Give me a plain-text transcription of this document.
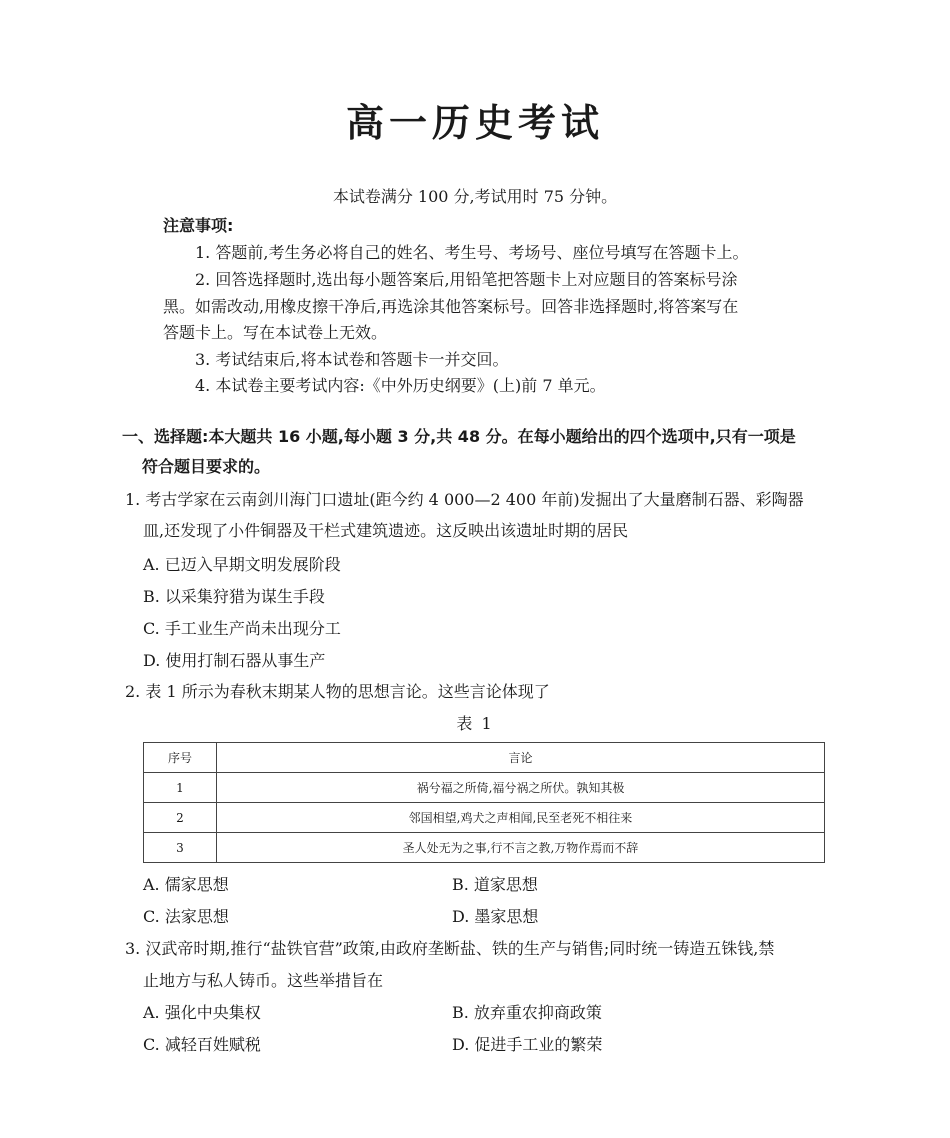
高一历史考试
本试卷满分 100 分,考试用时 75 分钟。
注意事项:
1. 答题前,考生务必将自己的姓名、考生号、考场号、座位号填写在答题卡上。
2. 回答选择题时,选出每小题答案后,用铅笔把答题卡上对应题目的答案标号涂
黑。如需改动,用橡皮擦干净后,再选涂其他答案标号。回答非选择题时,将答案写在
答题卡上。写在本试卷上无效。
3. 考试结束后,将本试卷和答题卡一并交回。
4. 本试卷主要考试内容:《中外历史纲要》(上)前 7 单元。
一、选择题:本大题共 16 小题,每小题 3 分,共 48 分。在每小题给出的四个选项中,只有一项是
符合题目要求的。
1. 考古学家在云南剑川海门口遗址(距今约 4 000—2 400 年前)发掘出了大量磨制石器、彩陶器
皿,还发现了小件铜器及干栏式建筑遗迹。这反映出该遗址时期的居民
A. 已迈入早期文明发展阶段
B. 以采集狩猎为谋生手段
C. 手工业生产尚未出现分工
D. 使用打制石器从事生产
2. 表 1 所示为春秋末期某人物的思想言论。这些言论体现了
表 1
序号	言论
1	祸兮福之所倚,福兮祸之所伏。孰知其极
2	邻国相望,鸡犬之声相闻,民至老死不相往来
3	圣人处无为之事,行不言之教,万物作焉而不辞
A. 儒家思想	B. 道家思想
C. 法家思想	D. 墨家思想
3. 汉武帝时期,推行“盐铁官营”政策,由政府垄断盐、铁的生产与销售;同时统一铸造五铢钱,禁
止地方与私人铸币。这些举措旨在
A. 强化中央集权	B. 放弃重农抑商政策
C. 减轻百姓赋税	D. 促进手工业的繁荣
